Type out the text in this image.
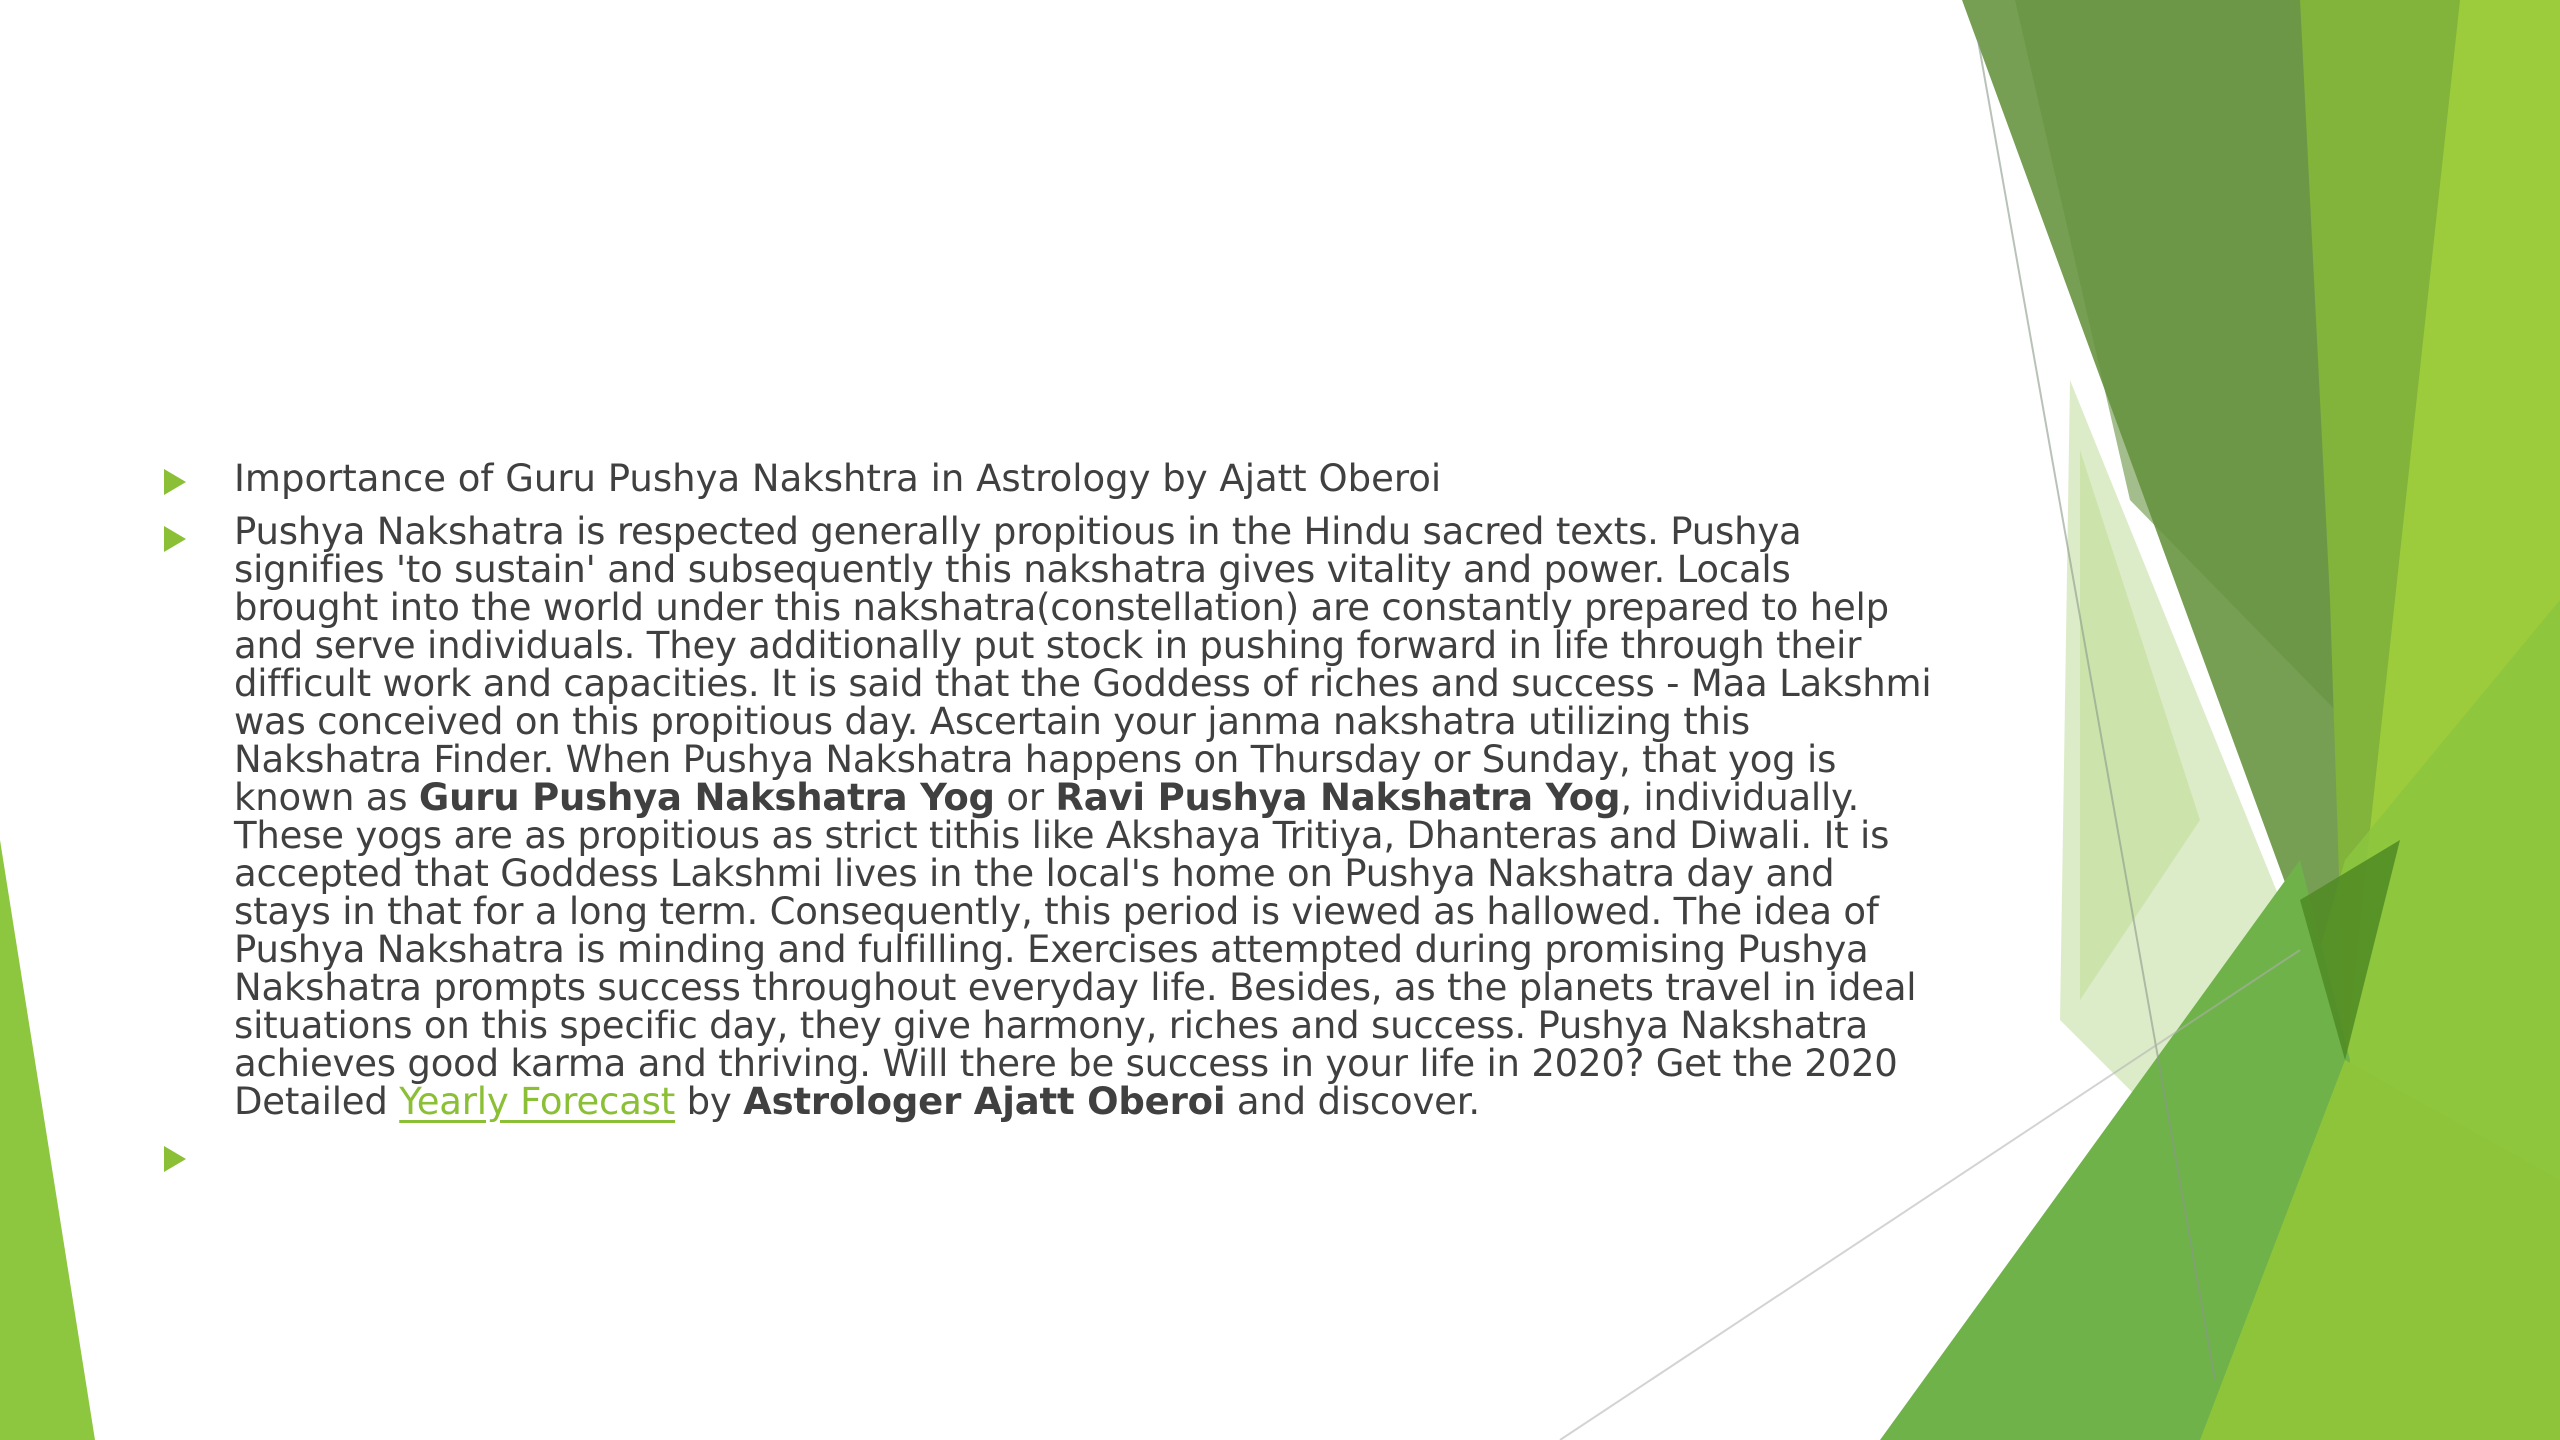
Importance of Guru Pushya Nakshtra in Astrology by Ajatt Oberoi

Pushya Nakshatra is respected generally propitious in the Hindu sacred texts. Pushya signifies 'to sustain' and subsequently this nakshatra gives vitality and power. Locals brought into the world under this nakshatra(constellation) are constantly prepared to help and serve individuals. They additionally put stock in pushing forward in life through their difficult work and capacities. It is said that the Goddess of riches and success - Maa Lakshmi was conceived on this propitious day. Ascertain your janma nakshatra utilizing this Nakshatra Finder. When Pushya Nakshatra happens on Thursday or Sunday, that yog is known as Guru Pushya Nakshatra Yog or Ravi Pushya Nakshatra Yog, individually. These yogs are as propitious as strict tithis like Akshaya Tritiya, Dhanteras and Diwali. It is accepted that Goddess Lakshmi lives in the local's home on Pushya Nakshatra day and stays in that for a long term. Consequently, this period is viewed as hallowed. The idea of Pushya Nakshatra is minding and fulfilling. Exercises attempted during promising Pushya Nakshatra prompts success throughout everyday life. Besides, as the planets travel in ideal situations on this specific day, they give harmony, riches and success. Pushya Nakshatra achieves good karma and thriving. Will there be success in your life in 2020? Get the 2020 Detailed Yearly Forecast by Astrologer Ajatt Oberoi and discover.
